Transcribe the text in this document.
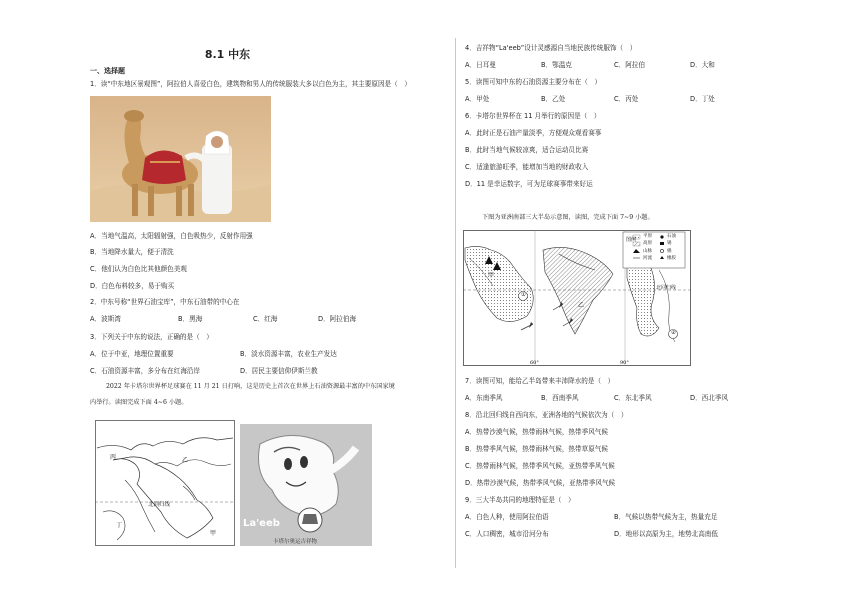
8.1 中东
一、选择题
1．读“中东地区景观图”，阿拉伯人喜爱白色，建筑物和男人的传统服装大多以白色为主，其主要原因是（　）
A．当地气温高，太阳辐射强，白色吸热少，反射作用强
B．当地降水量大，便于清洗
C．他们认为白色比其他颜色美观
D．白色布料较多，易于购买
2．中东号称“世界石油宝库”，中东石油带的中心在
A．波斯湾	B．黑海	C．红海	D．阿拉伯海
3．下列关于中东的说法，正确的是（　）
A．位于中亚，地理位置重要	B．淡水资源丰富，农业生产发达
C．石油资源丰富，多分布在红海沿岸	D．居民主要信仰伊斯兰教
2022 年卡塔尔世界杯足球赛在 11 月 21 日打响，这是历史上首次在世界上石油资源最丰富的中东国家境
内举行。读图完成下面 4~6 小题。
丙	乙
北回归线
丁
甲
La'eeb
卡塔尔奥运吉祥物
4．吉祥物“La'eeb”设计灵感源自当地民族传统服饰（　）
A．日耳曼	B．鄂温克	C．阿拉伯	D．大和
5．读图可知中东的石油资源主要分布在（　）
A．甲处	B．乙处	C．丙处	D．丁处
6．卡塔尔世界杯在 11 月举行的原因是（　）
A．此时正是石油产量淡季，方便观众观看赛事
B．此时当地气候较凉爽，适合运动员比赛
C．适逢旅游旺季，能增加当地的财政收入
D．11 是幸运数字，可为足球赛事带来好运
下图为亚洲南部三大半岛示意图，读图，完成下面 7~9 小题。
图例
平原
高原
山脉
河流
石油
锡
棉
橡胶
甲
乙
①
②
北回归线
60°	90°
7．读图可知，能给乙半岛带来丰沛降水的是（　）
A．东南季风	B．西南季风	C．东北季风	D．西北季风
8．沿北回归线自西向东，亚洲各地的气候依次为（　）
A．热带沙漠气候，热带雨林气候，热带季风气候
B．热带季风气候，热带雨林气候，热带草原气候
C．热带雨林气候，热带季风气候，亚热带季风气候
D．热带沙漠气候，热带季风气候，亚热带季风气候
9．三大半岛共同的地理特征是（　）
A．白色人种，使用阿拉伯语	B．气候以热带气候为主，热量充足
C．人口稠密，城市沿河分布	D．地形以高原为主，地势北高南低
